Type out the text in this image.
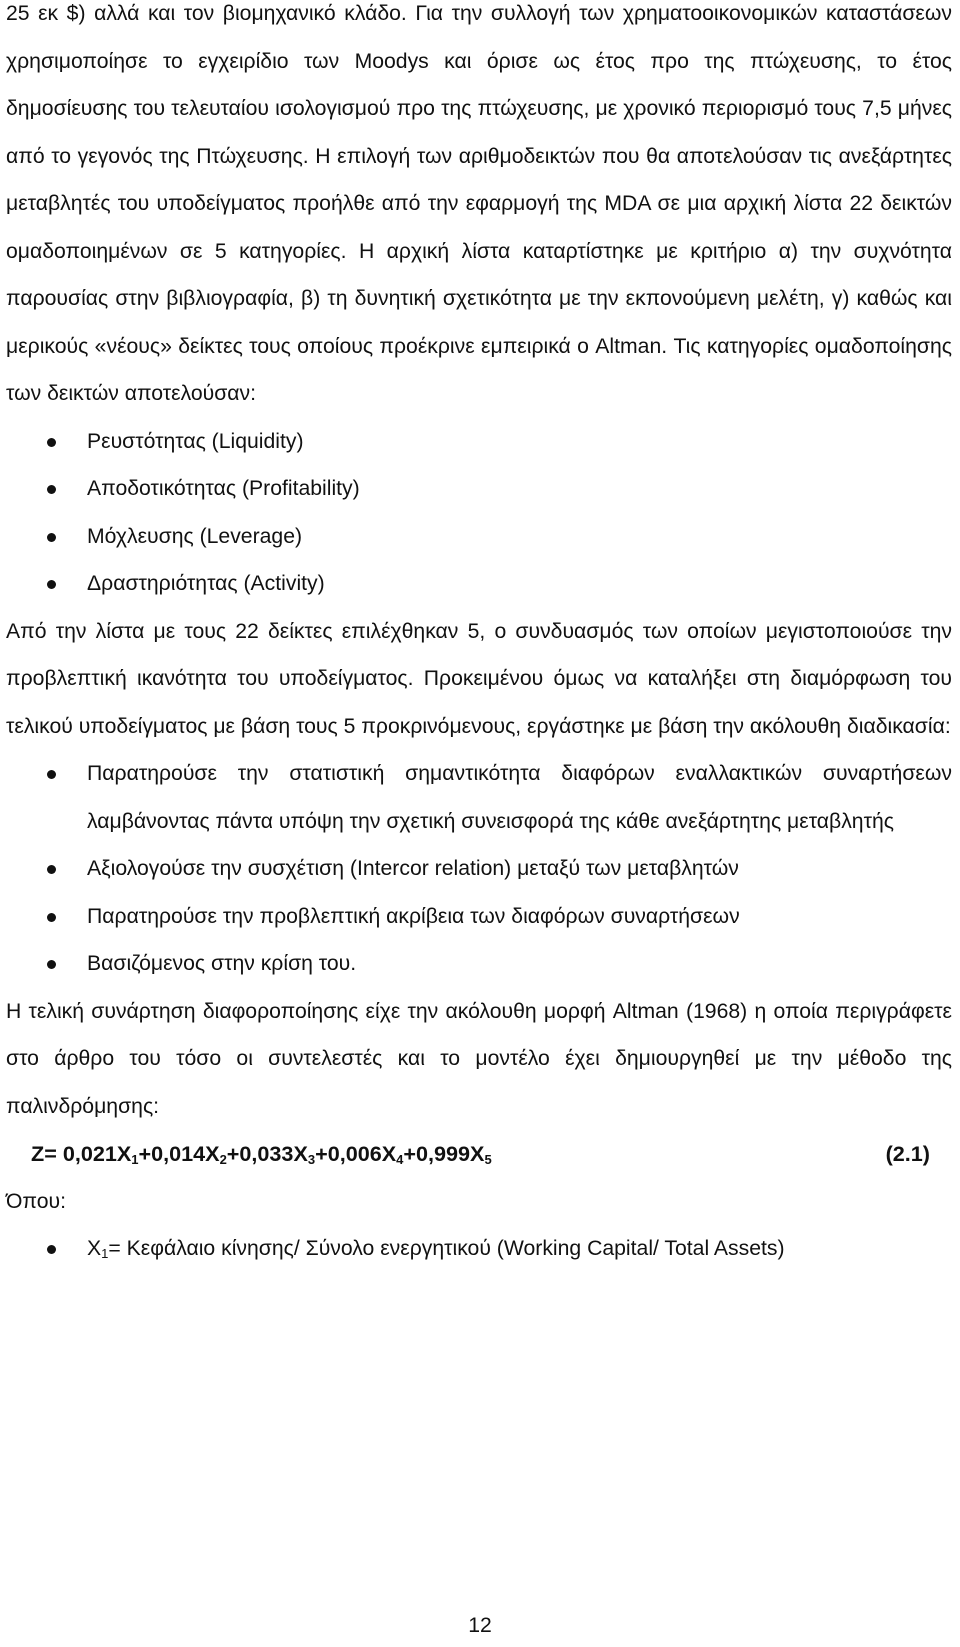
25 εκ $) αλλά και τον βιομηχανικό κλάδο. Για την συλλογή των χρηματοοικονομικών καταστάσεων χρησιμοποίησε το εγχειρίδιο των Moodys και όρισε ως έτος προ της πτώχευσης, το έτος δημοσίευσης του τελευταίου ισολογισμού προ της πτώχευσης, με χρονικό περιορισμό τους 7,5 μήνες από το γεγονός της Πτώχευσης. Η επιλογή των αριθμοδεικτών που θα αποτελούσαν τις ανεξάρτητες μεταβλητές του υποδείγματος προήλθε από την εφαρμογή της MDA σε μια αρχική λίστα 22 δεικτών ομαδοποιημένων σε 5 κατηγορίες. Η αρχική λίστα καταρτίστηκε με κριτήριο α) την συχνότητα παρουσίας στην βιβλιογραφία, β) τη δυνητική σχετικότητα με την εκπονούμενη μελέτη, γ) καθώς και μερικούς «νέους» δείκτες τους οποίους προέκρινε εμπειρικά ο Altman. Τις κατηγορίες ομαδοποίησης των δεικτών αποτελούσαν:

Ρευστότητας (Liquidity)
Αποδοτικότητας (Profitability)
Μόχλευσης (Leverage)
Δραστηριότητας (Activity)

Από την λίστα με τους 22 δείκτες επιλέχθηκαν 5, ο συνδυασμός των οποίων μεγιστοποιούσε την προβλεπτική ικανότητα του υποδείγματος. Προκειμένου όμως να καταλήξει στη διαμόρφωση του τελικού υποδείγματος με βάση τους 5 προκρινόμενους, εργάστηκε με βάση την ακόλουθη διαδικασία:

Παρατηρούσε την στατιστική σημαντικότητα διαφόρων εναλλακτικών συναρτήσεων λαμβάνοντας πάντα υπόψη την σχετική συνεισφορά της κάθε ανεξάρτητης μεταβλητής
Αξιολογούσε την συσχέτιση (Intercor relation) μεταξύ των μεταβλητών
Παρατηρούσε την προβλεπτική ακρίβεια των διαφόρων συναρτήσεων
Βασιζόμενος στην κρίση του.

Η τελική συνάρτηση διαφοροποίησης είχε την ακόλουθη μορφή Altman (1968) η οποία περιγράφετε στο άρθρο του τόσο οι συντελεστές και το μοντέλο έχει δημιουργηθεί με την μέθοδο της παλινδρόμησης:

$Z= 0,021X_1+0,014X_2+0,033X_3+0,006X_4+0,999X_5$	(2.1)

Όπου:

$X_1= K\varepsilon\varphi ά\lambda\alpha\iota o$ κίνησης/ Σύνολο ενεργητικού (Working Capital/ Total Assets)
12
